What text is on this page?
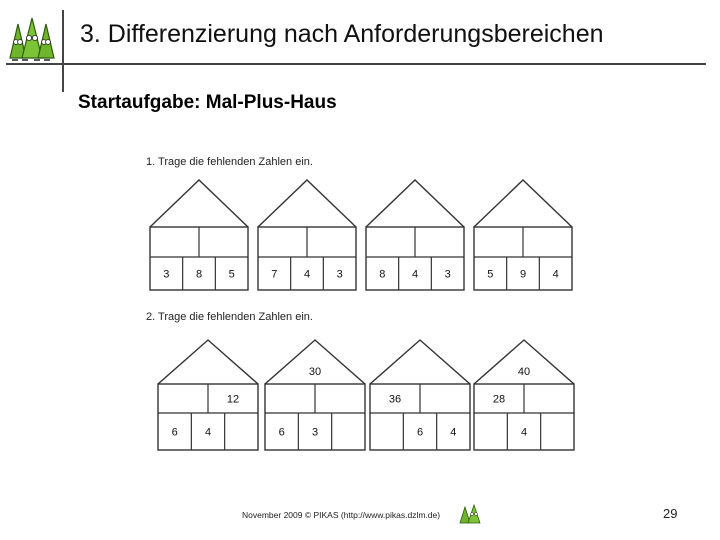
3. Differenzierung nach Anforderungsbereichen
Startaufgabe: Mal-Plus-Haus
1. Trage die fehlenden Zahlen ein.
2. Trage die fehlenden Zahlen ein.
3 8 5	7 4 3	8 4 3	5 9 4
12
6 4
30
6 3
36
6 4
40
28
4
November 2009 © PIKAS (http://www.pikas.dzlm.de)	29
